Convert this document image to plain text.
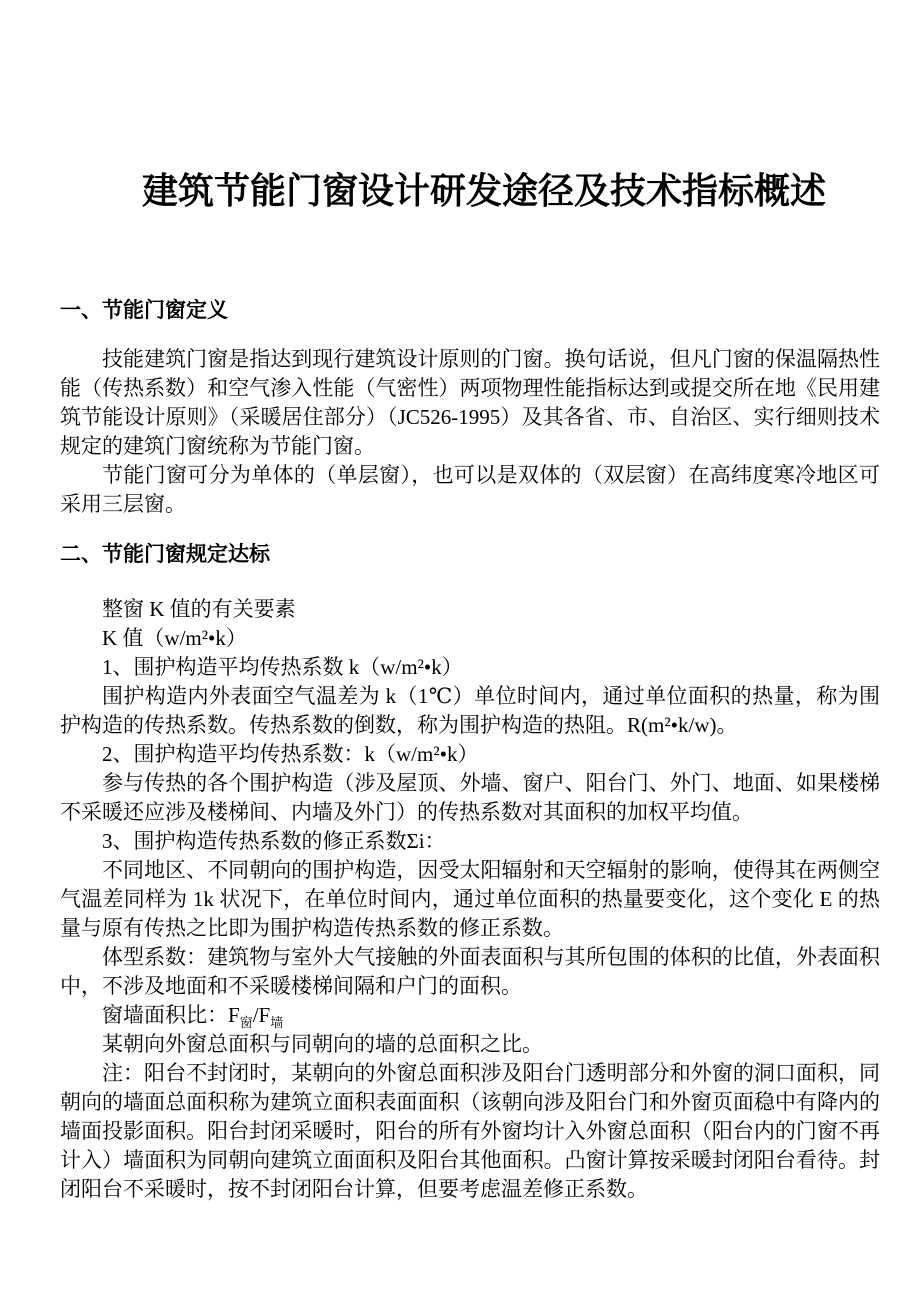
建筑节能门窗设计研发途径及技术指标概述
一、节能门窗定义

技能建筑门窗是指达到现行建筑设计原则的门窗。换句话说，但凡门窗的保温隔热性能（传热系数）和空气渗入性能（气密性）两项物理性能指标达到或提交所在地《民用建筑节能设计原则》（采暖居住部分）（JC526-1995）及其各省、市、自治区、实行细则技术规定的建筑门窗统称为节能门窗。

节能门窗可分为单体的（单层窗），也可以是双体的（双层窗）在高纬度寒冷地区可采用三层窗。

二、节能门窗规定达标

整窗 K 值的有关要素

K 值（w/m²•k）

1、围护构造平均传热系数 k（w/m²•k）

围护构造内外表面空气温差为 k（1℃）单位时间内，通过单位面积的热量，称为围护构造的传热系数。传热系数的倒数，称为围护构造的热阻。R(m²•k/w)。

2、围护构造平均传热系数：k（w/m²•k）

参与传热的各个围护构造（涉及屋顶、外墙、窗户、阳台门、外门、地面、如果楼梯不采暖还应涉及楼梯间、内墙及外门）的传热系数对其面积的加权平均值。

3、围护构造传热系数的修正系数Σi：

不同地区、不同朝向的围护构造，因受太阳辐射和天空辐射的影响，使得其在两侧空气温差同样为 1k 状况下，在单位时间内，通过单位面积的热量要变化，这个变化 E 的热量与原有传热之比即为围护构造传热系数的修正系数。

体型系数：建筑物与室外大气接触的外面表面积与其所包围的体积的比值，外表面积中，不涉及地面和不采暖楼梯间隔和户门的面积。

窗墙面积比：$F_窗/F_墙$

某朝向外窗总面积与同朝向的墙的总面积之比。

注：阳台不封闭时，某朝向的外窗总面积涉及阳台门透明部分和外窗的洞口面积，同朝向的墙面总面积称为建筑立面积表面面积（该朝向涉及阳台门和外窗页面稳中有降内的墙面投影面积。阳台封闭采暖时，阳台的所有外窗均计入外窗总面积（阳台内的门窗不再计入）墙面积为同朝向建筑立面面积及阳台其他面积。凸窗计算按采暖封闭阳台看待。封闭阳台不采暖时，按不封闭阳台计算，但要考虑温差修正系数。
